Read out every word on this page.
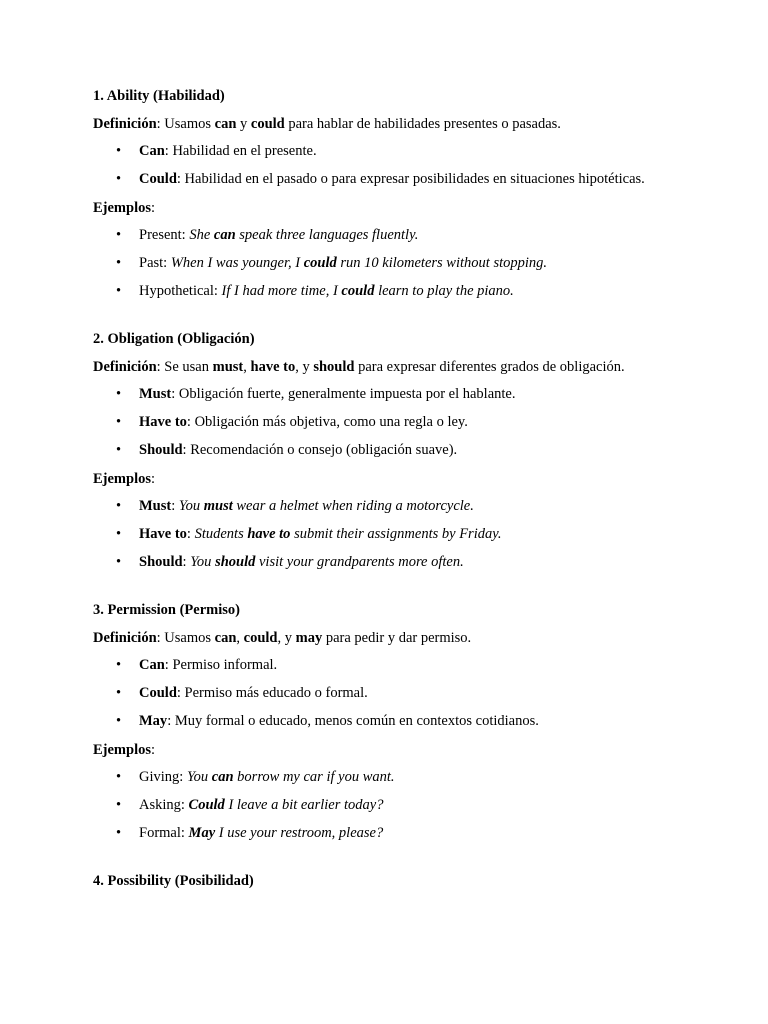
1. Ability (Habilidad)
Definición: Usamos can y could para hablar de habilidades presentes o pasadas.
• Can: Habilidad en el presente.
• Could: Habilidad en el pasado o para expresar posibilidades en situaciones hipotéticas.
Ejemplos:
• Present: She can speak three languages fluently.
• Past: When I was younger, I could run 10 kilometers without stopping.
• Hypothetical: If I had more time, I could learn to play the piano.
2. Obligation (Obligación)
Definición: Se usan must, have to, y should para expresar diferentes grados de obligación.
• Must: Obligación fuerte, generalmente impuesta por el hablante.
• Have to: Obligación más objetiva, como una regla o ley.
• Should: Recomendación o consejo (obligación suave).
Ejemplos:
• Must: You must wear a helmet when riding a motorcycle.
• Have to: Students have to submit their assignments by Friday.
• Should: You should visit your grandparents more often.
3. Permission (Permiso)
Definición: Usamos can, could, y may para pedir y dar permiso.
• Can: Permiso informal.
• Could: Permiso más educado o formal.
• May: Muy formal o educado, menos común en contextos cotidianos.
Ejemplos:
• Giving: You can borrow my car if you want.
• Asking: Could I leave a bit earlier today?
• Formal: May I use your restroom, please?
4. Possibility (Posibilidad)
